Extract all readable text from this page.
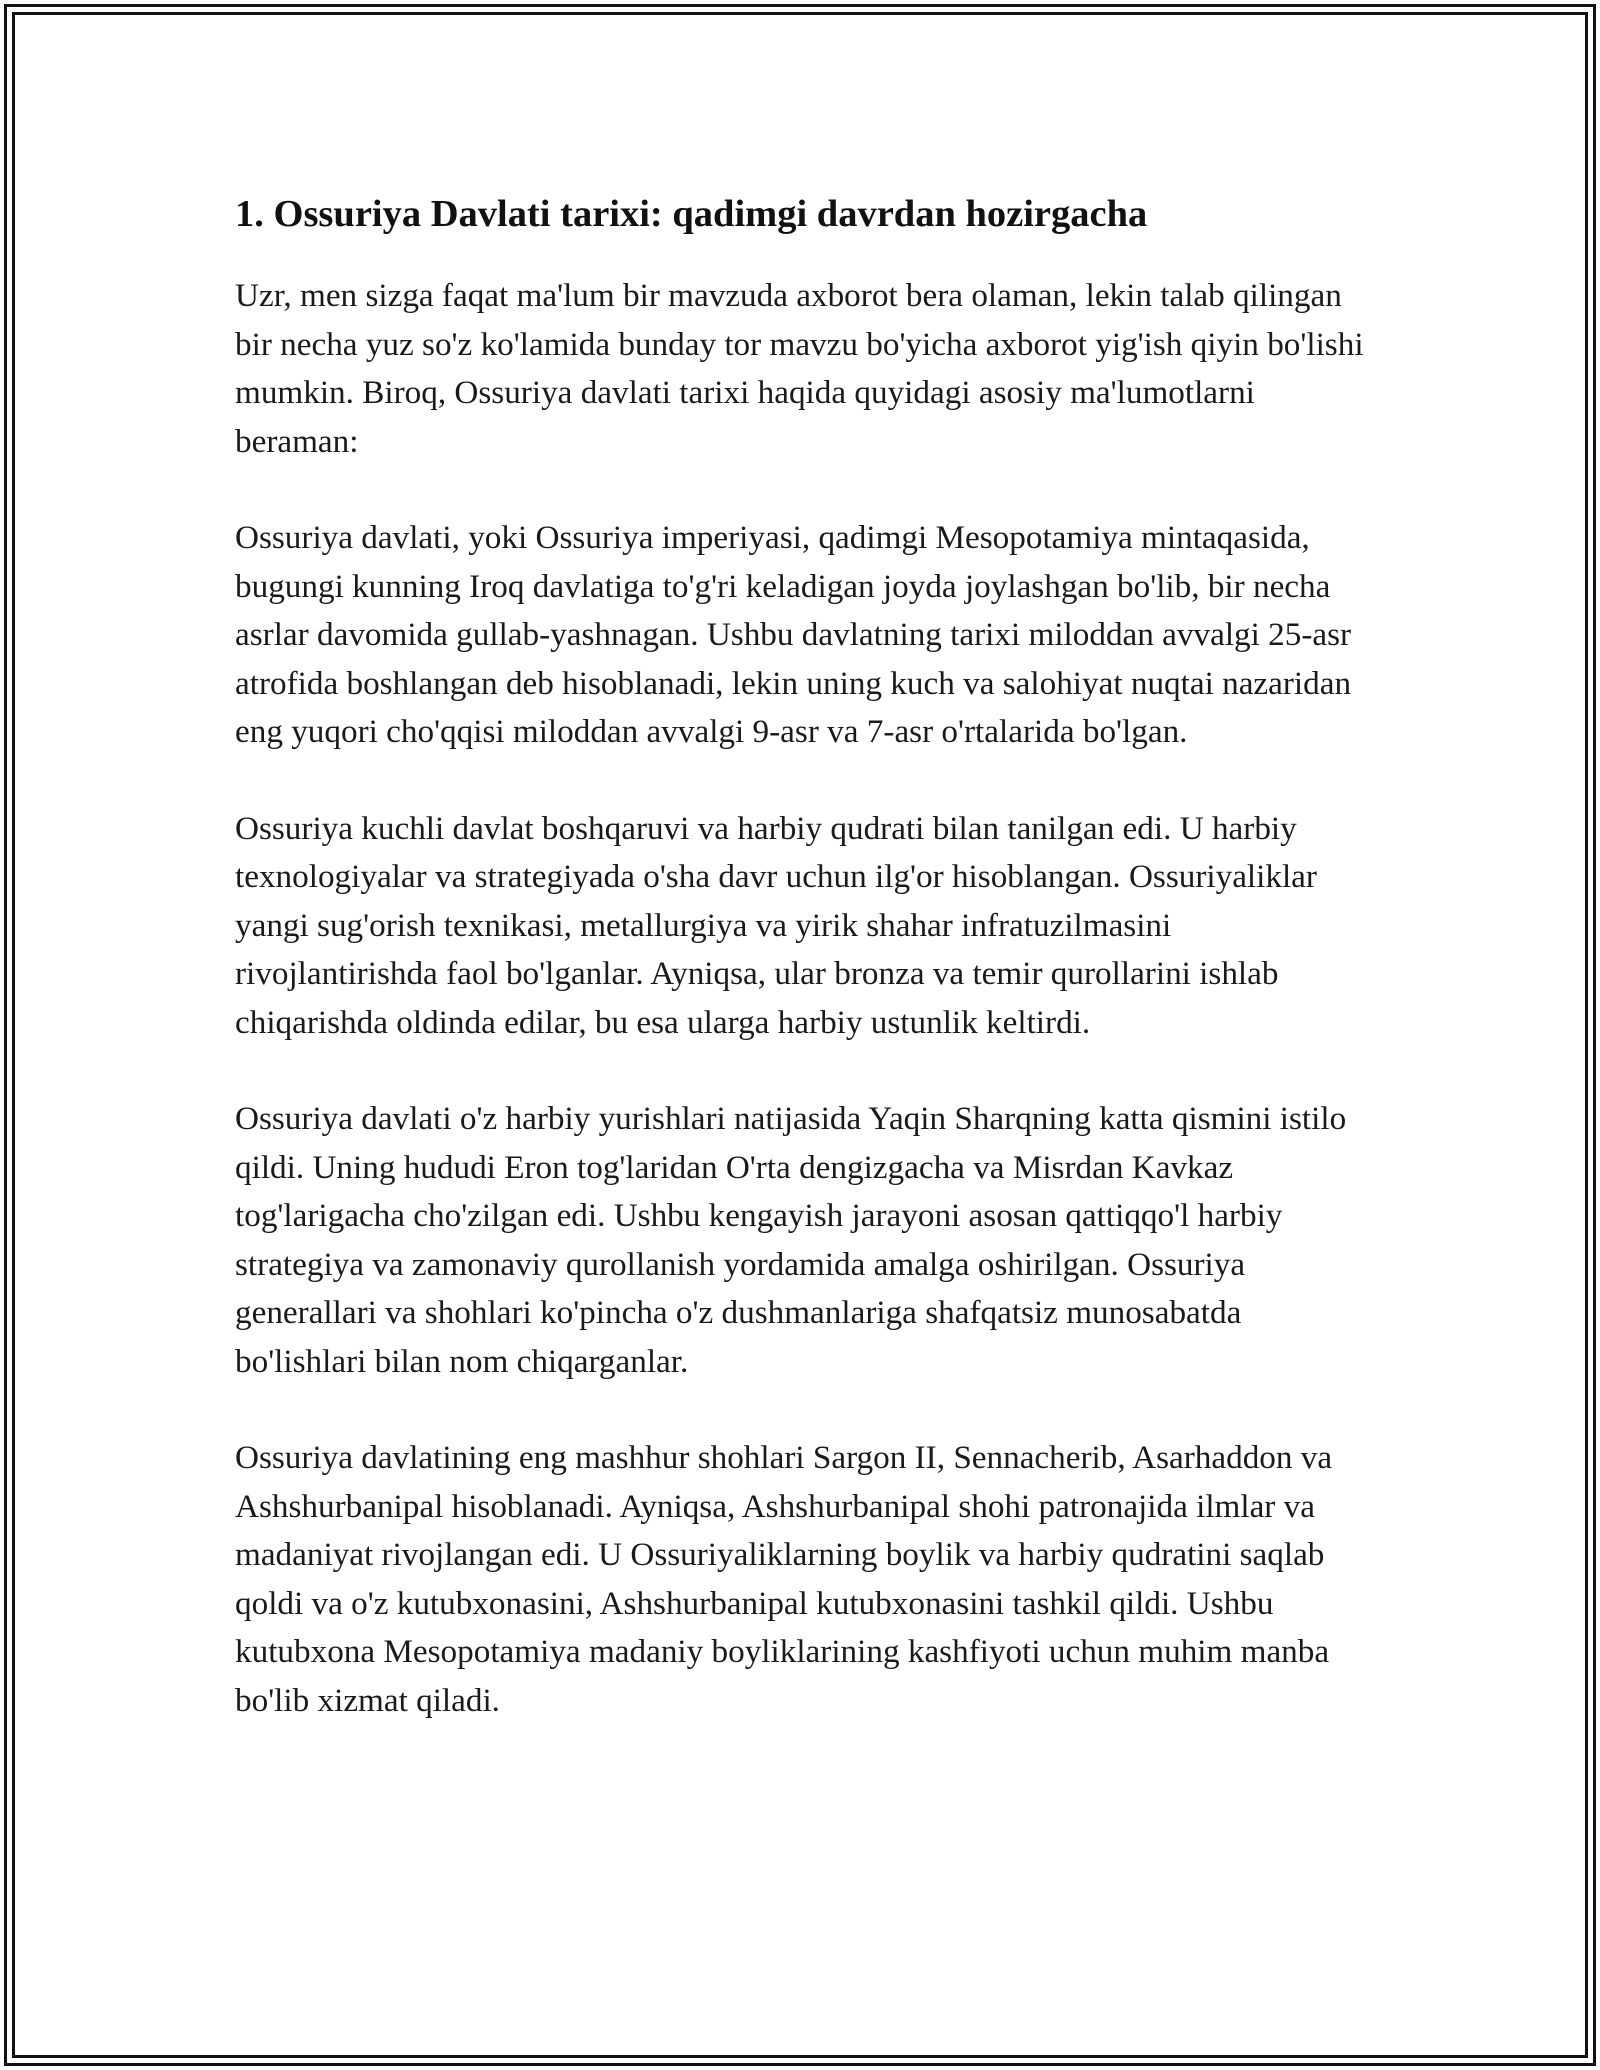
1. Ossuriya Davlati tarixi: qadimgi davrdan hozirgacha

Uzr, men sizga faqat ma'lum bir mavzuda axborot bera olaman, lekin talab qilingan bir necha yuz so'z ko'lamida bunday tor mavzu bo'yicha axborot yig'ish qiyin bo'lishi mumkin. Biroq, Ossuriya davlati tarixi haqida quyidagi asosiy ma'lumotlarni beraman:

Ossuriya davlati, yoki Ossuriya imperiyasi, qadimgi Mesopotamiya mintaqasida, bugungi kunning Iroq davlatiga to'g'ri keladigan joyda joylashgan bo'lib, bir necha asrlar davomida gullab-yashnagan. Ushbu davlatning tarixi miloddan avvalgi 25-asr atrofida boshlangan deb hisoblanadi, lekin uning kuch va salohiyat nuqtai nazaridan eng yuqori cho'qqisi miloddan avvalgi 9-asr va 7-asr o'rtalarida bo'lgan.

Ossuriya kuchli davlat boshqaruvi va harbiy qudrati bilan tanilgan edi. U harbiy texnologiyalar va strategiyada o'sha davr uchun ilg'or hisoblangan. Ossuriyaliklar yangi sug'orish texnikasi, metallurgiya va yirik shahar infratuzilmasini rivojlantirishda faol bo'lganlar. Ayniqsa, ular bronza va temir qurollarini ishlab chiqarishda oldinda edilar, bu esa ularga harbiy ustunlik keltirdi.

Ossuriya davlati o'z harbiy yurishlari natijasida Yaqin Sharqning katta qismini istilo qildi. Uning hududi Eron tog'laridan O'rta dengizgacha va Misrdan Kavkaz tog'larigacha cho'zilgan edi. Ushbu kengayish jarayoni asosan qattiqqo'l harbiy strategiya va zamonaviy qurollanish yordamida amalga oshirilgan. Ossuriya generallari va shohlari ko'pincha o'z dushmanlariga shafqatsiz munosabatda bo'lishlari bilan nom chiqarganlar.

Ossuriya davlatining eng mashhur shohlari Sargon II, Sennacherib, Asarhaddon va Ashshurbanipal hisoblanadi. Ayniqsa, Ashshurbanipal shohi patronajida ilmlar va madaniyat rivojlangan edi. U Ossuriyaliklarning boylik va harbiy qudratini saqlab qoldi va o'z kutubxonasini, Ashshurbanipal kutubxonasini tashkil qildi. Ushbu kutubxona Mesopotamiya madaniy boyliklarining kashfiyoti uchun muhim manba bo'lib xizmat qiladi.
